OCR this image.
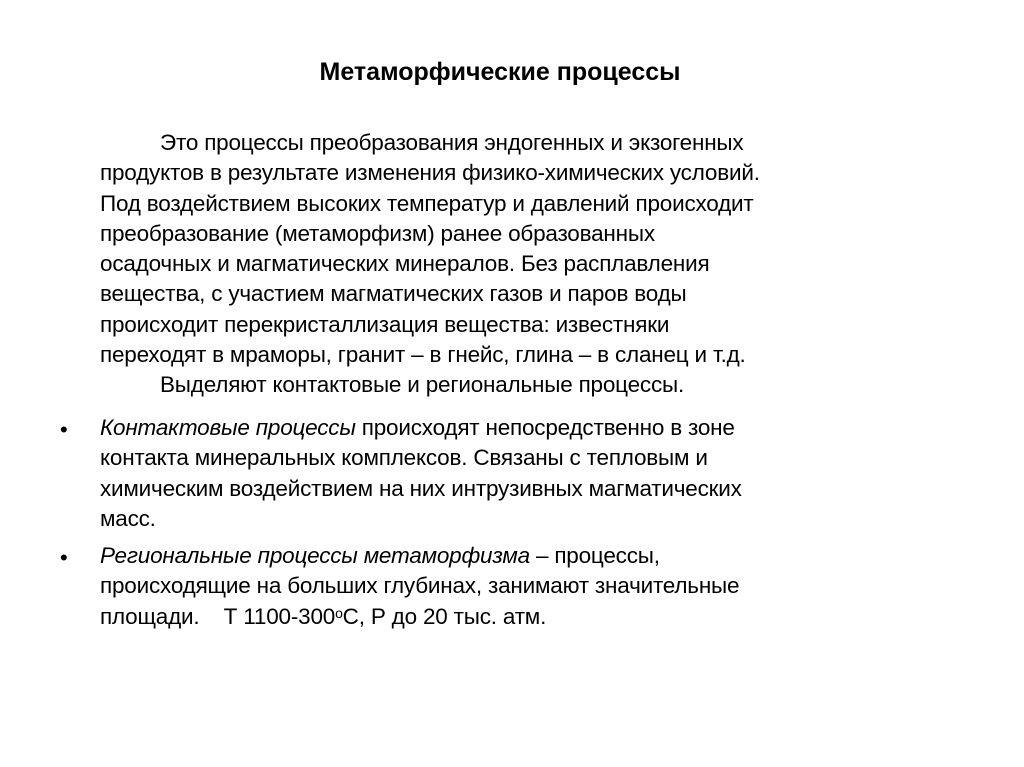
Метаморфические процессы
Это процессы преобразования эндогенных и экзогенных
продуктов в результате изменения физико-химических условий.
Под воздействием высоких температур и давлений происходит
преобразование (метаморфизм) ранее образованных
осадочных и магматических минералов. Без расплавления
вещества, с участием магматических газов и паров воды
происходит перекристаллизация вещества: известняки
переходят в мраморы, гранит – в гнейс, глина – в сланец и т.д.
Выделяют контактовые и региональные процессы.
• Контактовые процессы происходят непосредственно в зоне
контакта минеральных комплексов. Связаны с тепловым и
химическим воздействием на них интрузивных магматических
масс.
• Региональные процессы метаморфизма – процессы,
происходящие на больших глубинах, занимают значительные
площади.    Т $1100-300^оС$, Р до 20 тыс. атм.
